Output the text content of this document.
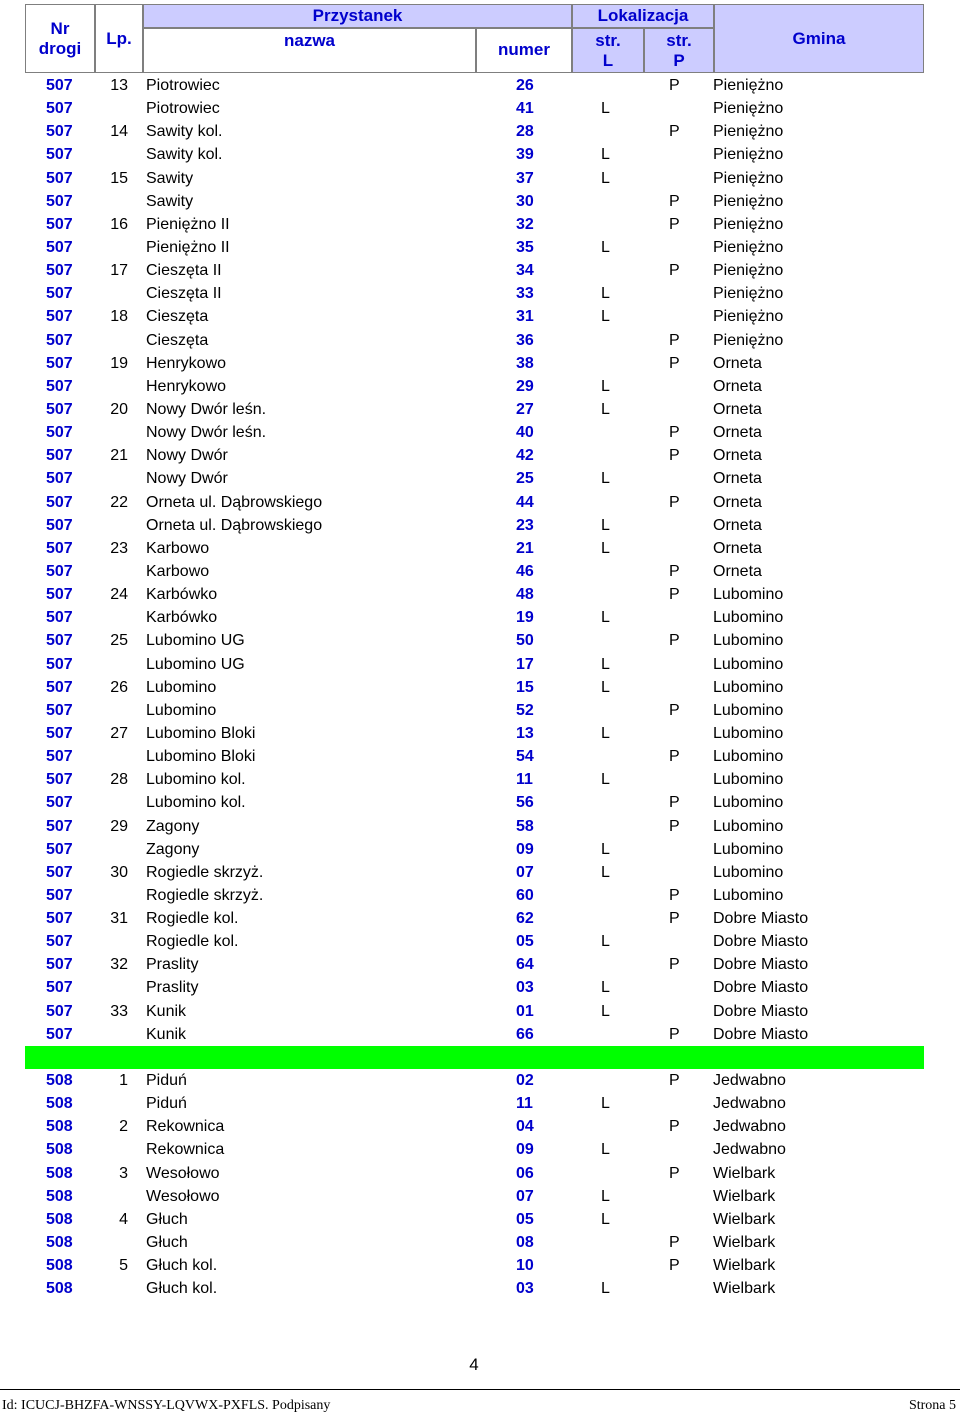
Nr
drogi
Lp.
Przystanek
nazwa	numer
Lokalizacja
str.
L
str.
P
Gmina
507	13 Piotrowiec	26	P Pieniężno
507	Piotrowiec	41	L	Pieniężno
507	14 Sawity kol.	28	P Pieniężno
507	Sawity kol.	39	L	Pieniężno
507	15 Sawity	37	L	Pieniężno
507	Sawity	30	P Pieniężno
507	16 Pieniężno II	32	P Pieniężno
507	Pieniężno II	35	L	Pieniężno
507	17 Cieszęta II	34	P Pieniężno
507	Cieszęta II	33	L	Pieniężno
507	18 Cieszęta	31	L	Pieniężno
507	Cieszęta	36	P Pieniężno
507	19 Henrykowo	38	P Orneta
507	Henrykowo	29	L	Orneta
507	20 Nowy Dwór leśn.	27	L	Orneta
507	Nowy Dwór leśn.	40	P Orneta
507	21 Nowy Dwór	42	P Orneta
507	Nowy Dwór	25	L	Orneta
507	22 Orneta ul. Dąbrowskiego	44	P Orneta
507	Orneta ul. Dąbrowskiego	23	L	Orneta
507	23 Karbowo	21	L	Orneta
507	Karbowo	46	P Orneta
507	24 Karbówko	48	P Lubomino
507	Karbówko	19	L	Lubomino
507	25 Lubomino UG	50	P Lubomino
507	Lubomino UG	17	L	Lubomino
507	26 Lubomino	15	L	Lubomino
507	Lubomino	52	P Lubomino
507	27 Lubomino Bloki	13	L	Lubomino
507	Lubomino Bloki	54	P Lubomino
507	28 Lubomino kol.	11	L	Lubomino
507	Lubomino kol.	56	P Lubomino
507	29 Zagony	58	P Lubomino
507	Zagony	09	L	Lubomino
507	30 Rogiedle skrzyż.	07	L	Lubomino
507	Rogiedle skrzyż.	60	P Lubomino
507	31 Rogiedle kol.	62	P Dobre Miasto
507	Rogiedle kol.	05	L	Dobre Miasto
507	32 Praslity	64	P Dobre Miasto
507	Praslity	03	L	Dobre Miasto
507	33 Kunik	01	L	Dobre Miasto
507	Kunik	66	P Dobre Miasto
508	1 Piduń	02	P Jedwabno
508	Piduń	11	L	Jedwabno
508	2 Rekownica	04	P Jedwabno
508	Rekownica	09	L	Jedwabno
508	3 Wesołowo	06	P Wielbark
508	Wesołowo	07	L	Wielbark
508	4 Głuch	05	L	Wielbark
508	Głuch	08	P Wielbark
508	5 Głuch kol.	10	P Wielbark
508	Głuch kol.	03	L	Wielbark
4
Id: ICUCJ-BHZFA-WNSSY-LQVWX-PXFLS. Podpisany	Strona 5
